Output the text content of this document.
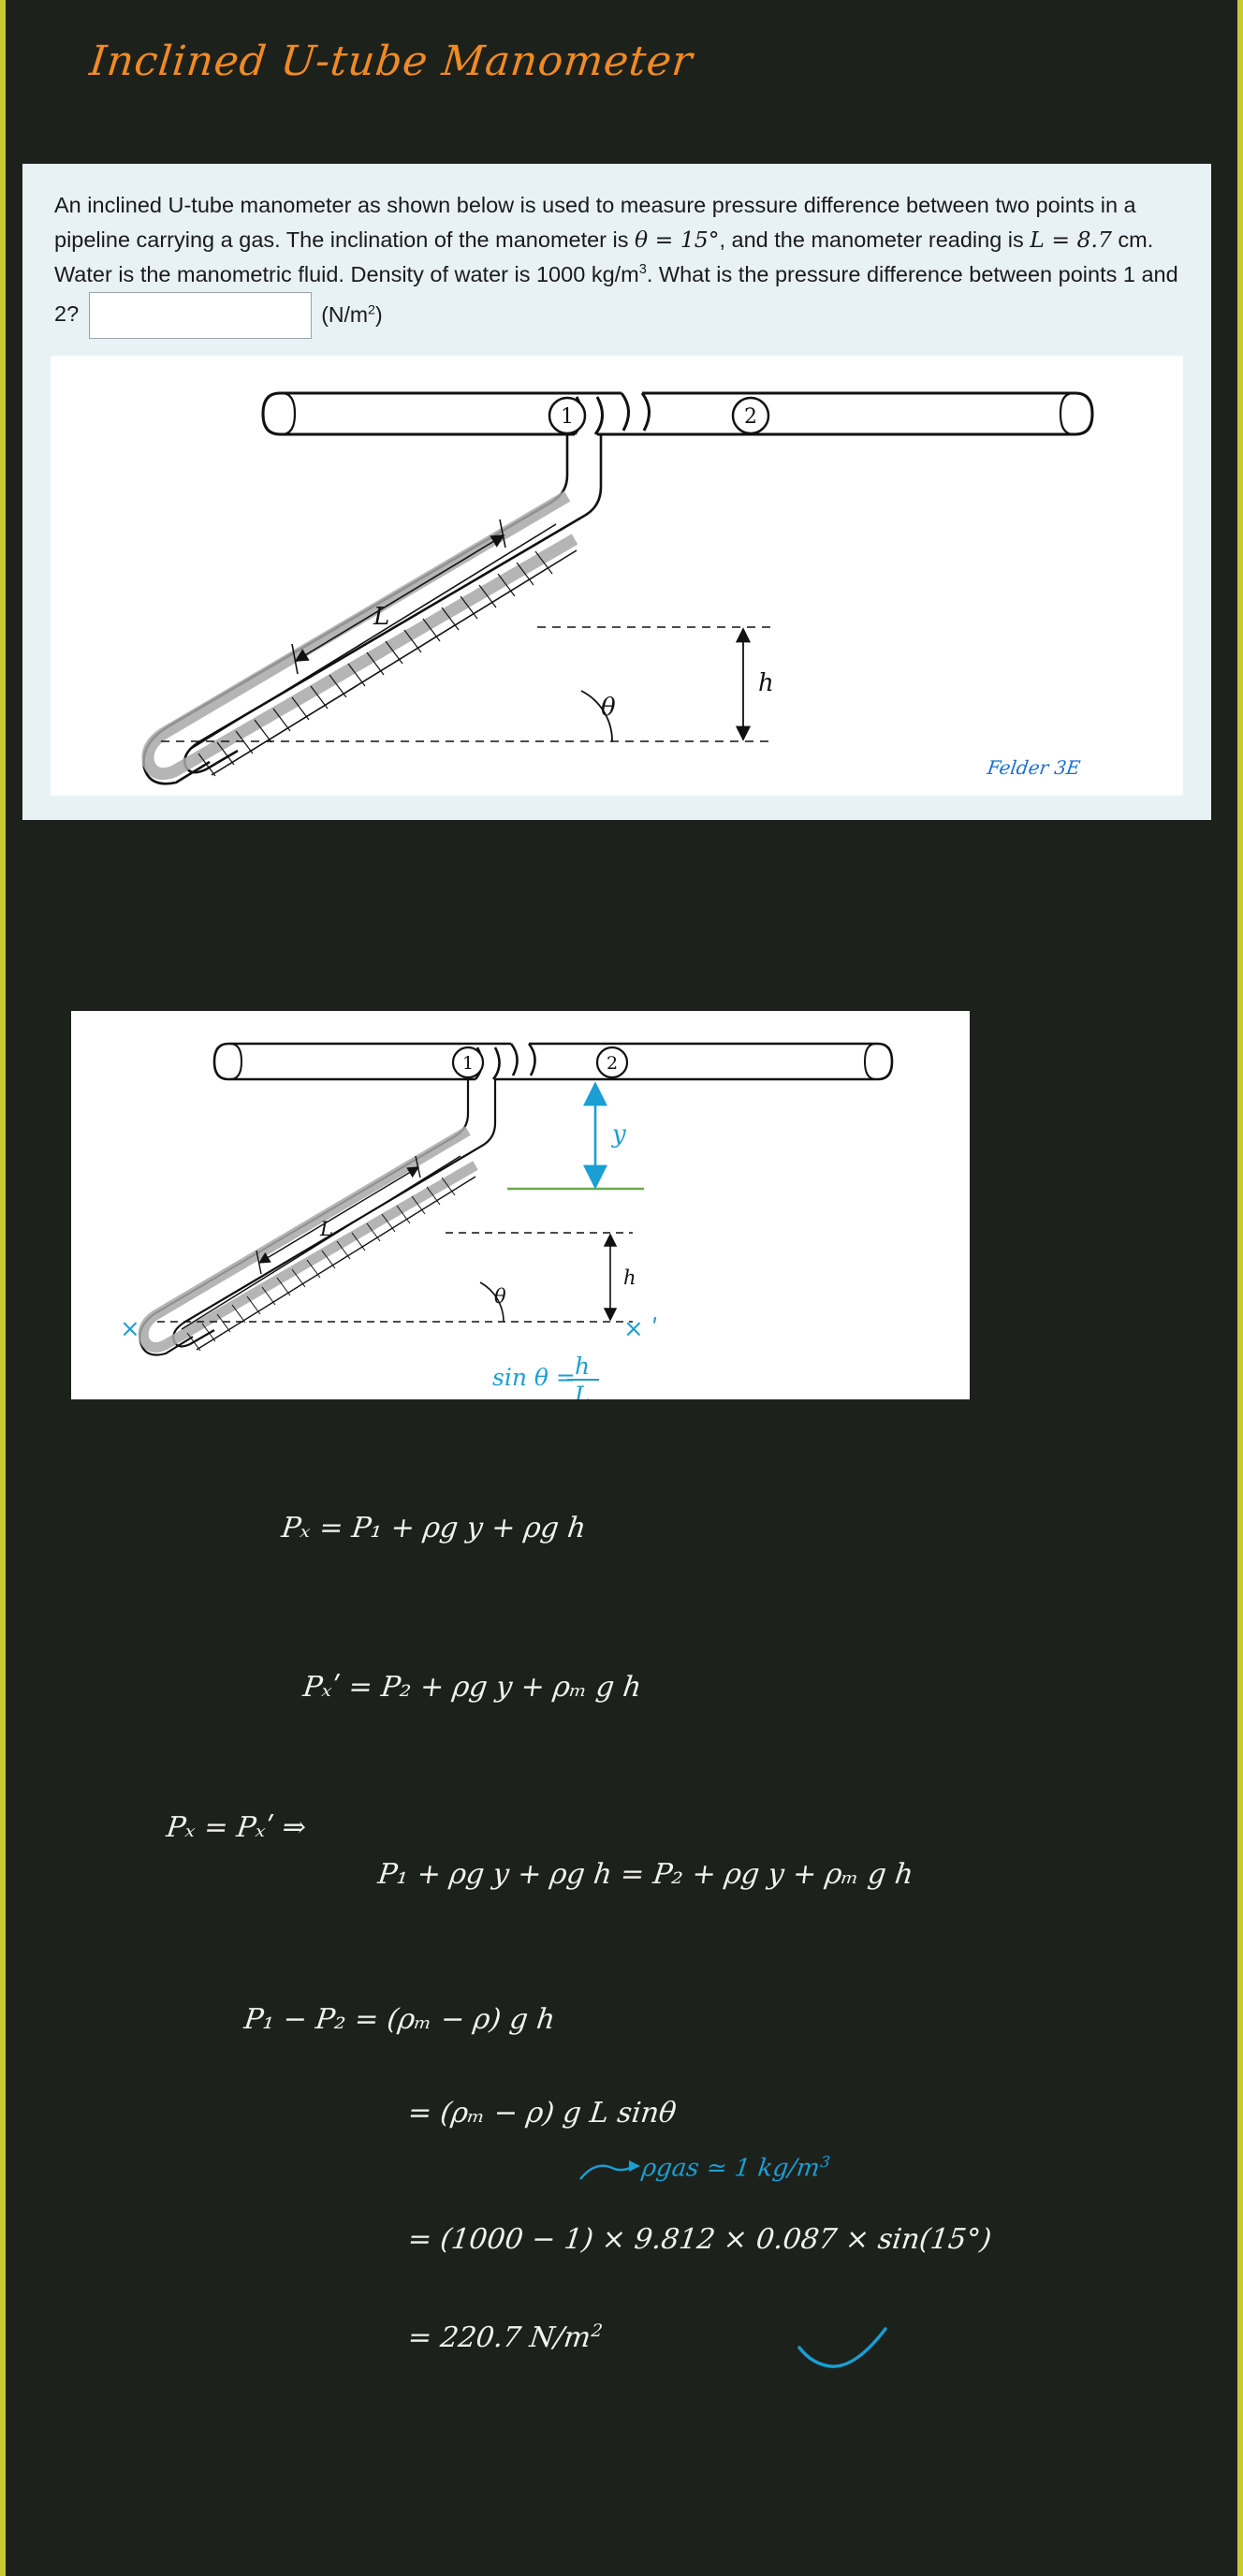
Inclined U-tube Manometer
An inclined U-tube manometer as shown below is used to measure pressure difference between two points in a pipeline carrying a gas. The inclination of the manometer is θ = 15°, and the manometer reading is L = 8.7 cm. Water is the manometric fluid. Density of water is 1000 $kg/m^3$. What is the pressure difference between points 1 and 2?	$(N/m^2)$
1	2
L
θ
h
Felder 3E
1	2
L
θ
h
y
×	× ʹ
sin θ = h
L
Pₓ = P₁ + ρg y + ρg h
Pₓʹ = P₂ + ρg y + ρₘ g h
Pₓ = Pₓʹ ⇒
P₁ + ρg y + ρg h = P₂ + ρg y + ρₘ g h
P₁ − P₂ = (ρₘ − ρ) g h
= (ρₘ − ρ) g L sinθ
ρgas ≃ 1 $kg/m^3$
= (1000 − 1) × 9.812 × 0.087 × sin(15°)
= 220.7 $N/m^2$
